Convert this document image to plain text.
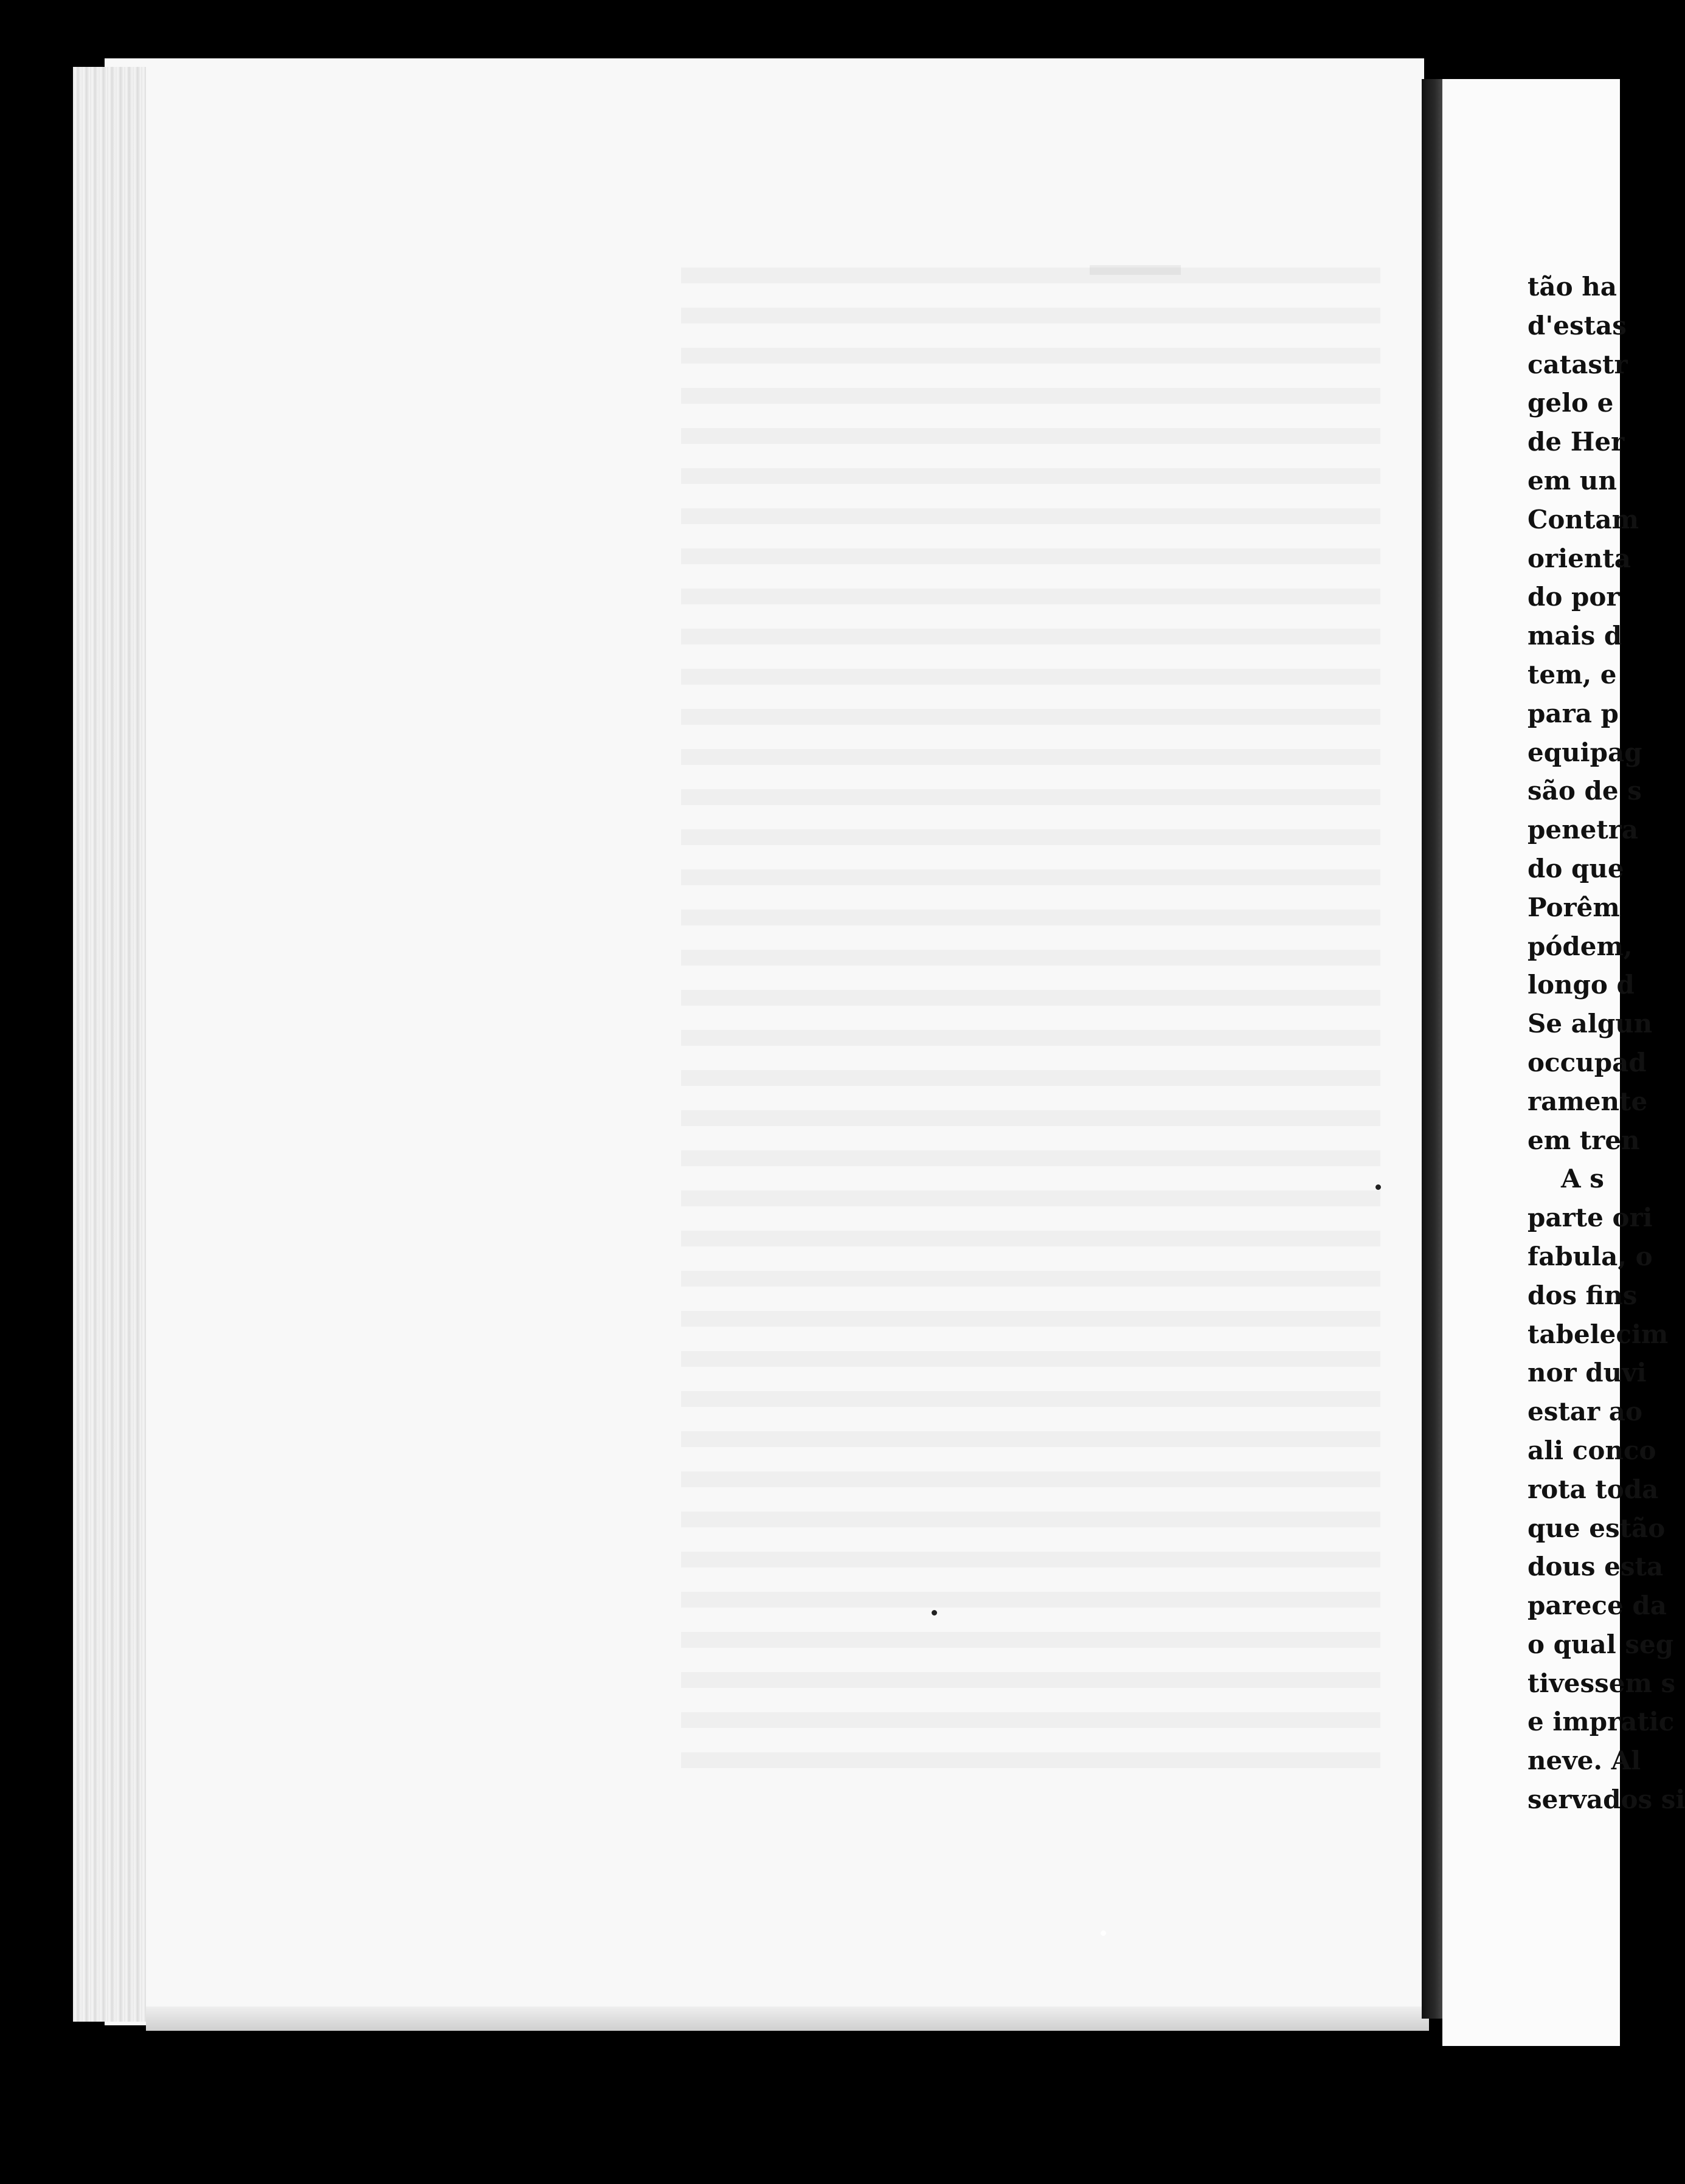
tão ha
d'estas
catastr
gelo e
de Her
em un
Contam
orienta
do por
mais d
tem, e
para p
equipag
são de s
penetra
do que
Porêm
pódem,
longo d
Se algun
occupad
ramente
em tren
A s
parte ori
fabula, o
dos fins
tabelecim
nor duvi
estar ao
ali conco
rota toda
que estão
dous esta
parece da
o qual seg
tivessem s
e impratic
neve. Al
servados si
